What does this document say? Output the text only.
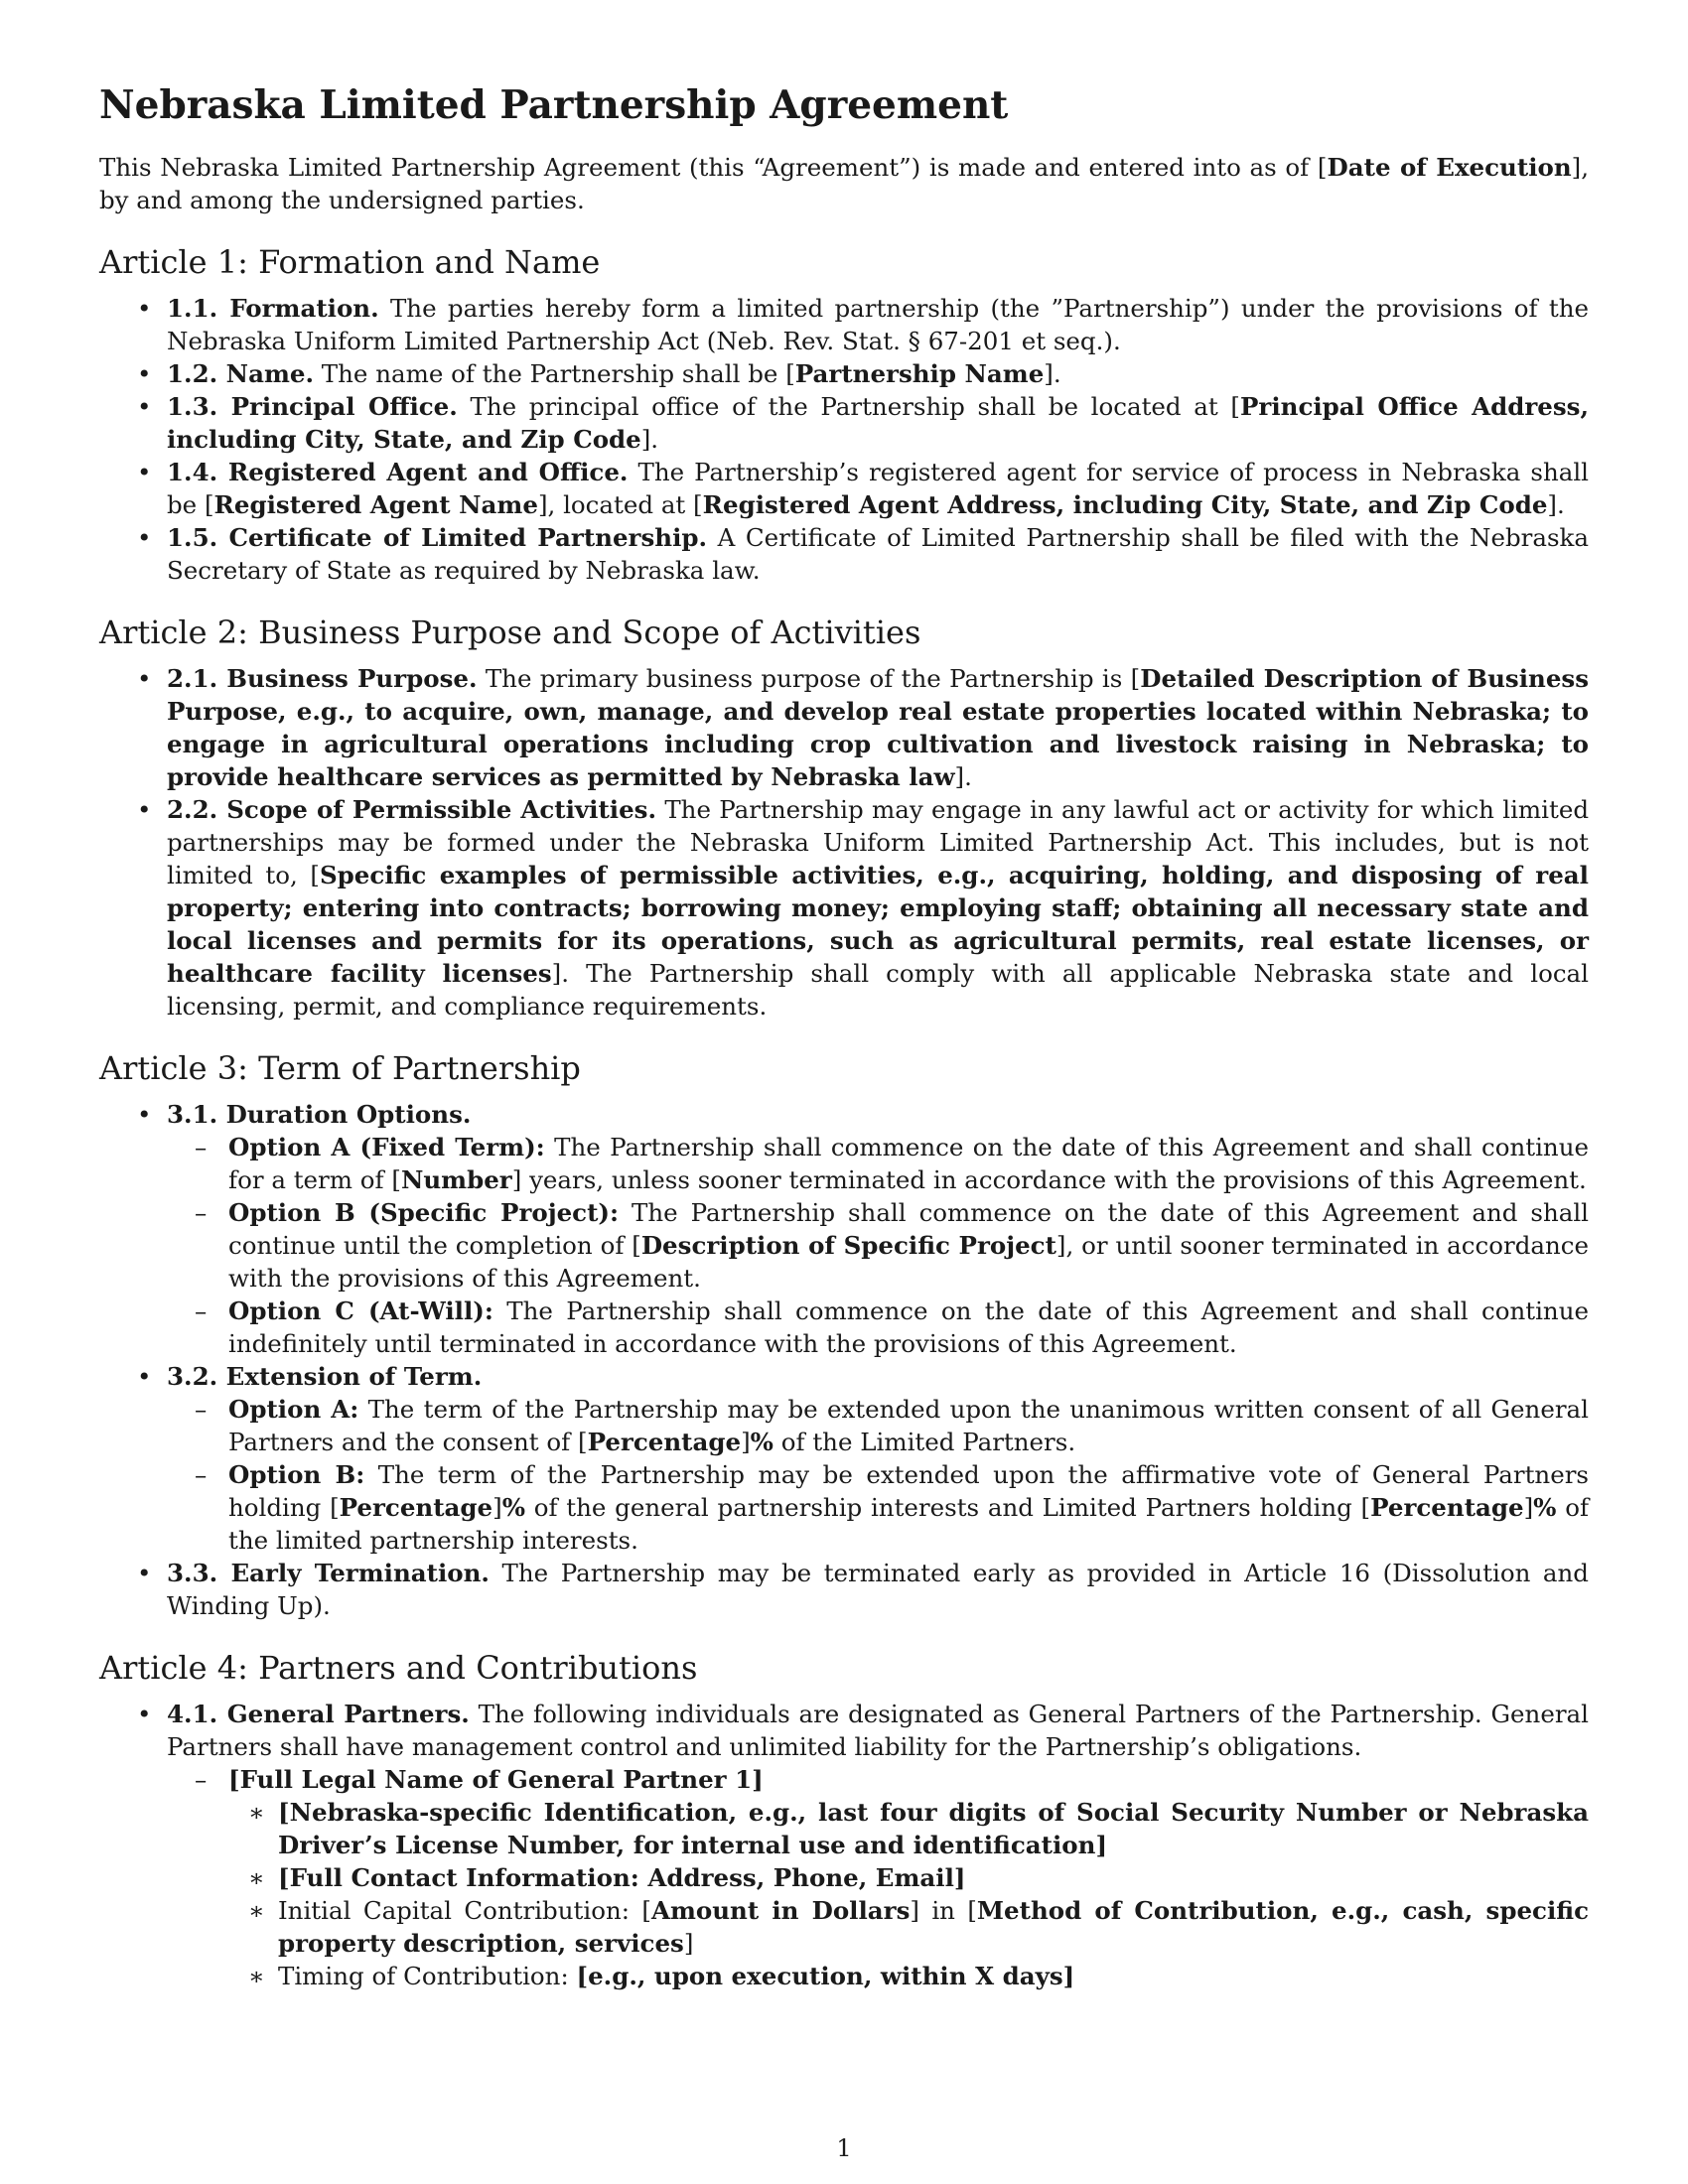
Nebraska Limited Partnership Agreement

This Nebraska Limited Partnership Agreement (this “Agreement”) is made and entered into as of [Date of Execution], by and among the undersigned parties.

Article 1: Formation and Name
• 1.1. Formation. The parties hereby form a limited partnership (the ”Partnership”) under the provisions of the Nebraska Uniform Limited Partnership Act (Neb. Rev. Stat. § 67-201 et seq.).
• 1.2. Name. The name of the Partnership shall be [Partnership Name].
• 1.3. Principal Office. The principal office of the Partnership shall be located at [Principal Office Address, including City, State, and Zip Code].
• 1.4. Registered Agent and Office. The Partnership’s registered agent for service of process in Nebraska shall be [Registered Agent Name], located at [Registered Agent Address, including City, State, and Zip Code].
• 1.5. Certificate of Limited Partnership. A Certificate of Limited Partnership shall be filed with the Nebraska Secretary of State as required by Nebraska law.
Article 2: Business Purpose and Scope of Activities
• 2.1. Business Purpose. The primary business purpose of the Partnership is [Detailed Description of Business Purpose, e.g., to acquire, own, manage, and develop real estate properties located within Nebraska; to engage in agricultural operations including crop cultivation and livestock raising in Nebraska; to provide healthcare services as permitted by Nebraska law].
• 2.2. Scope of Permissible Activities. The Partnership may engage in any lawful act or activity for which limited partnerships may be formed under the Nebraska Uniform Limited Partnership Act. This includes, but is not limited to, [Specific examples of permissible activities, e.g., acquiring, holding, and disposing of real property; entering into contracts; borrowing money; employing staff; obtaining all necessary state and local licenses and permits for its operations, such as agricultural permits, real estate licenses, or healthcare facility licenses]. The Partnership shall comply with all applicable Nebraska state and local licensing, permit, and compliance requirements.
Article 3: Term of Partnership
• 3.1. Duration Options.
– Option A (Fixed Term): The Partnership shall commence on the date of this Agreement and shall continue for a term of [Number] years, unless sooner terminated in accordance with the provisions of this Agreement.
– Option B (Specific Project): The Partnership shall commence on the date of this Agreement and shall continue until the completion of [Description of Specific Project], or until sooner terminated in accordance with the provisions of this Agreement.
– Option C (At-Will): The Partnership shall commence on the date of this Agreement and shall continue indefinitely until terminated in accordance with the provisions of this Agreement.
• 3.2. Extension of Term.
– Option A: The term of the Partnership may be extended upon the unanimous written consent of all General Partners and the consent of [Percentage]% of the Limited Partners.
– Option B: The term of the Partnership may be extended upon the affirmative vote of General Partners holding [Percentage]% of the general partnership interests and Limited Partners holding [Percentage]% of the limited partnership interests.
• 3.3. Early Termination. The Partnership may be terminated early as provided in Article 16 (Dissolution and Winding Up).
Article 4: Partners and Contributions
• 4.1. General Partners. The following individuals are designated as General Partners of the Partnership. General Partners shall have management control and unlimited liability for the Partnership’s obligations.
– [Full Legal Name of General Partner 1]
∗ [Nebraska-specific Identification, e.g., last four digits of Social Security Number or Nebraska Driver’s License Number, for internal use and identification]
∗ [Full Contact Information: Address, Phone, Email]
∗ Initial Capital Contribution: [Amount in Dollars] in [Method of Contribution, e.g., cash, specific property description, services]
∗ Timing of Contribution: [e.g., upon execution, within X days]
1
